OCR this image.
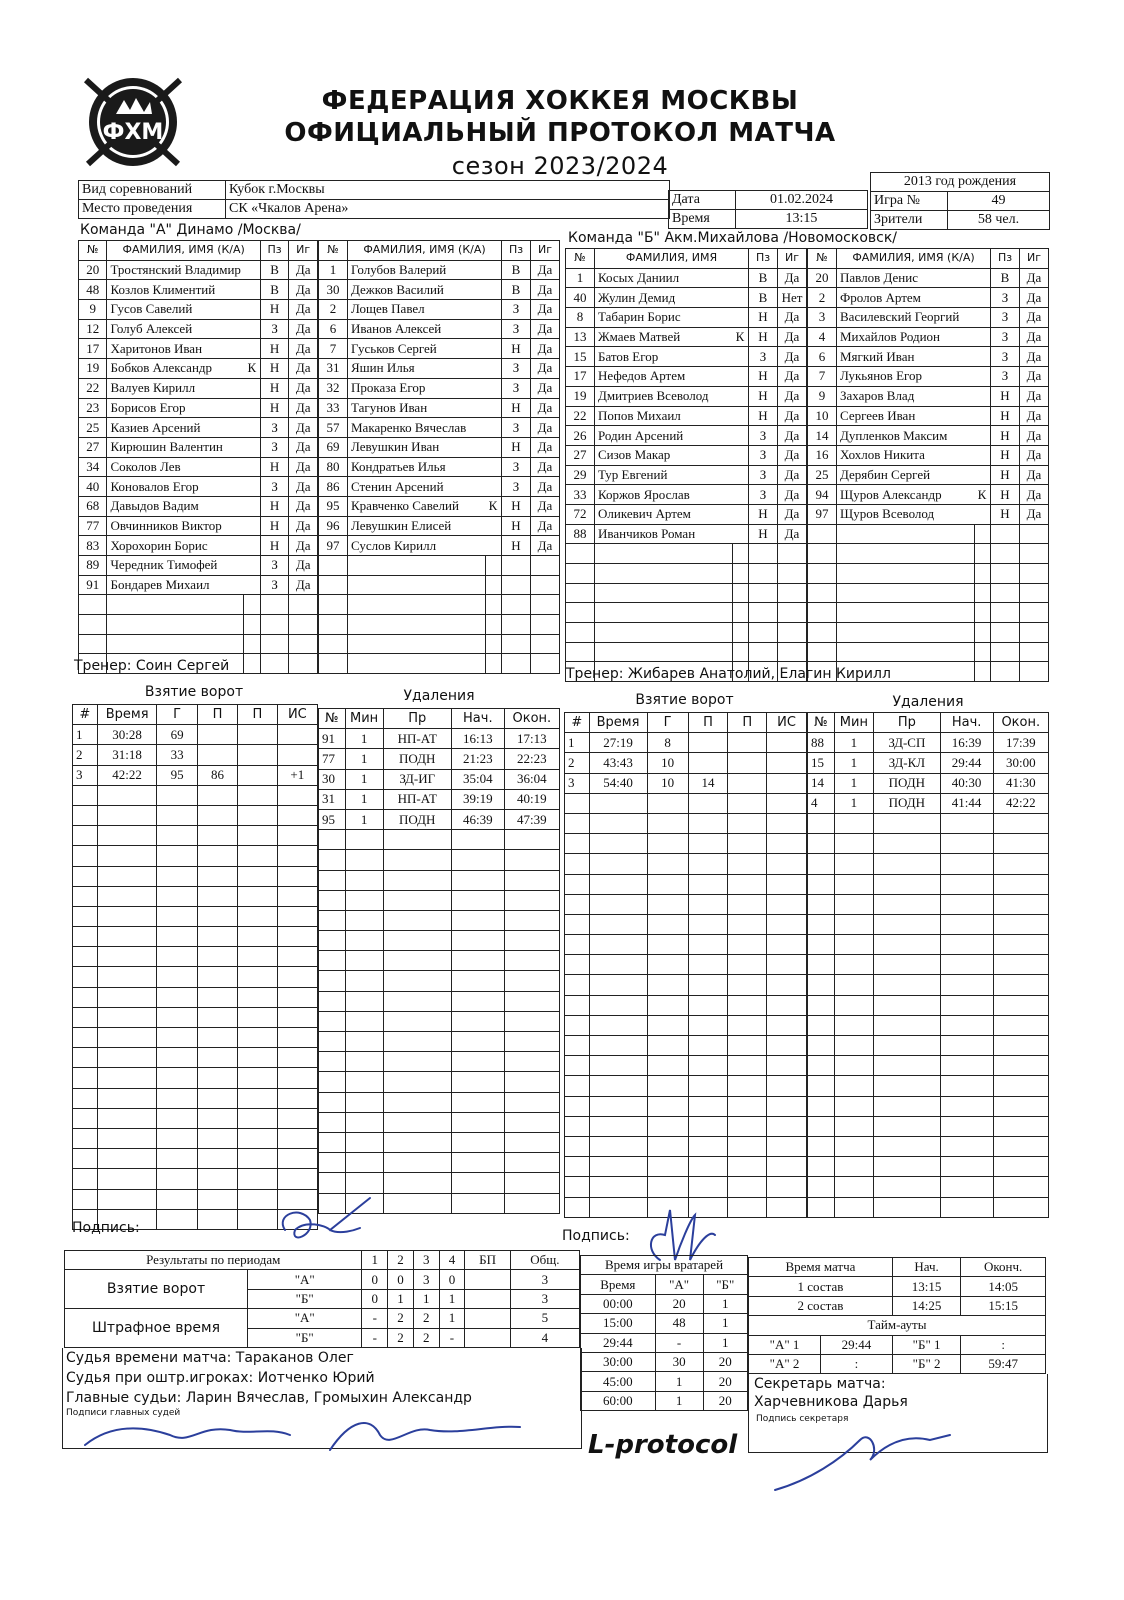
ФХМ
ФЕДЕРАЦИЯ ХОККЕЯ МОСКВЫ
ОФИЦИАЛЬНЫЙ ПРОТОКОЛ МАТЧА
сезон 2023/2024
Вид соревнований	Кубок г.Москвы
Место проведения	СК «Чкалов Арена»
Дата	01.02.2024
Время	13:15
2013 год рождения	
Игра №	49
Зрители	58 чел.
Команда "А" Динамо /Москва/	Команда "Б" Акм.Михайлова /Новомосковск/
№	ФАМИЛИЯ, ИМЯ (К/А)		Пз	Иг
20	Тростянский Владимир		В	Да
48	Козлов Климентий		В	Да
9	Гусов Савелий		Н	Да
12	Голуб Алексей		З	Да
17	Харитонов Иван		Н	Да
19	Бобков Александр	К	Н	Да
22	Валуев Кирилл		Н	Да
23	Борисов Егор		Н	Да
25	Казиев Арсений		З	Да
27	Кирюшин Валентин		З	Да
34	Соколов Лев		Н	Да
40	Коновалов Егор		З	Да
68	Давыдов Вадим		Н	Да
77	Овчинников Виктор		Н	Да
83	Хорохорин Борис		Н	Да
89	Чередник Тимофей		З	Да
91	Бондарев Михаил		З	Да

№	ФАМИЛИЯ, ИМЯ (К/А)		Пз	Иг
1	Голубов Валерий		В	Да
30	Дежков Василий		В	Да
2	Лощев Павел		З	Да
6	Иванов Алексей		З	Да
7	Гуськов Сергей		Н	Да
31	Яшин Илья		З	Да
32	Проказа Егор		З	Да
33	Тагунов Иван		Н	Да
57	Макаренко Вячеслав		З	Да
69	Левушкин Иван		Н	Да
80	Кондратьев Илья		З	Да
86	Стенин Арсений		З	Да
95	Кравченко Савелий	К	Н	Да
96	Левушкин Елисей		Н	Да
97	Суслов Кирилл		Н	Да

№	ФАМИЛИЯ, ИМЯ		Пз	Иг
1	Косых Даниил		В	Да
40	Жулин Демид		В	Нет
8	Табарин Борис		Н	Да
13	Жмаев Матвей	К	Н	Да
15	Батов Егор		З	Да
17	Нефедов Артем		Н	Да
19	Дмитриев Всеволод		Н	Да
22	Попов Михаил		Н	Да
26	Родин Арсений		З	Да
27	Сизов Макар		З	Да
29	Тур Евгений		З	Да
33	Коржов Ярослав		З	Да
72	Оликевич Артем		Н	Да
88	Иванчиков Роман		Н	Да

№	ФАМИЛИЯ, ИМЯ (К/А)		Пз	Иг
20	Павлов Денис		В	Да
2	Фролов Артем		З	Да
3	Василевский Георгий		З	Да
4	Михайлов Родион		З	Да
6	Мягкий Иван		З	Да
7	Лукьянов Егор		З	Да
9	Захаров Влад		Н	Да
10	Сергеев Иван		Н	Да
14	Дупленков Максим		Н	Да
16	Хохлов Никита		Н	Да
25	Дерябин Сергей		Н	Да
94	Щуров Александр	К	Н	Да
97	Щуров Всеволод		Н	Да

Тренер: Соин Сергей	Тренер: Жибарев Анатолий, Елагин Кирилл
Взятие ворот	Удаления	Взятие ворот	Удаления
#	Время	Г	П	П	ИС
1	30:28	69			
2	31:18	33			
3	42:22	95	86		+1

№	Мин	Пр	Нач.	Окон.
91	1	НП-АТ	16:13	17:13
77	1	ПОДН	21:23	22:23
30	1	ЗД-ИГ	35:04	36:04
31	1	НП-АТ	39:19	40:19
95	1	ПОДН	46:39	47:39

#	Время	Г	П	П	ИС
1	27:19	8			
2	43:43	10			
3	54:40	10	14		

№	Мин	Пр	Нач.	Окон.
88	1	ЗД-СП	16:39	17:39
15	1	ЗД-КЛ	29:44	30:00
14	1	ПОДН	40:30	41:30
4	1	ПОДН	41:44	42:22

Подпись:	Подпись:
Результаты по периодам		1	2	3	4	БП	Общ.
Взятие ворот	"А"	0	0	3	0		3
	"Б"	0	1	1	1		3
Штрафное время	"А"	-	2	2	1		5
	"Б"	-	2	2	-		4
Время игры вратарей		
Время	"А"	"Б"
00:00	20	1
15:00	48	1
29:44	-	1
30:00	30	20
45:00	1	20
60:00	1	20
Время матча		Нач.	Оконч.
1 состав		13:15	14:05
2 состав		14:25	15:15
Тайм-ауты			
"А" 1	29:44	"Б" 1	:
"А" 2	:	"Б" 2	59:47
Судья времени матча: Тараканов Олег
Судья при оштр.игроках: Иотченко Юрий
Главные судьи: Ларин Вячеслав, Громыхин Александр
Подписи главных судей
L-protocol
Секретарь матча:
Харчевникова Дарья
Подпись секретаря
